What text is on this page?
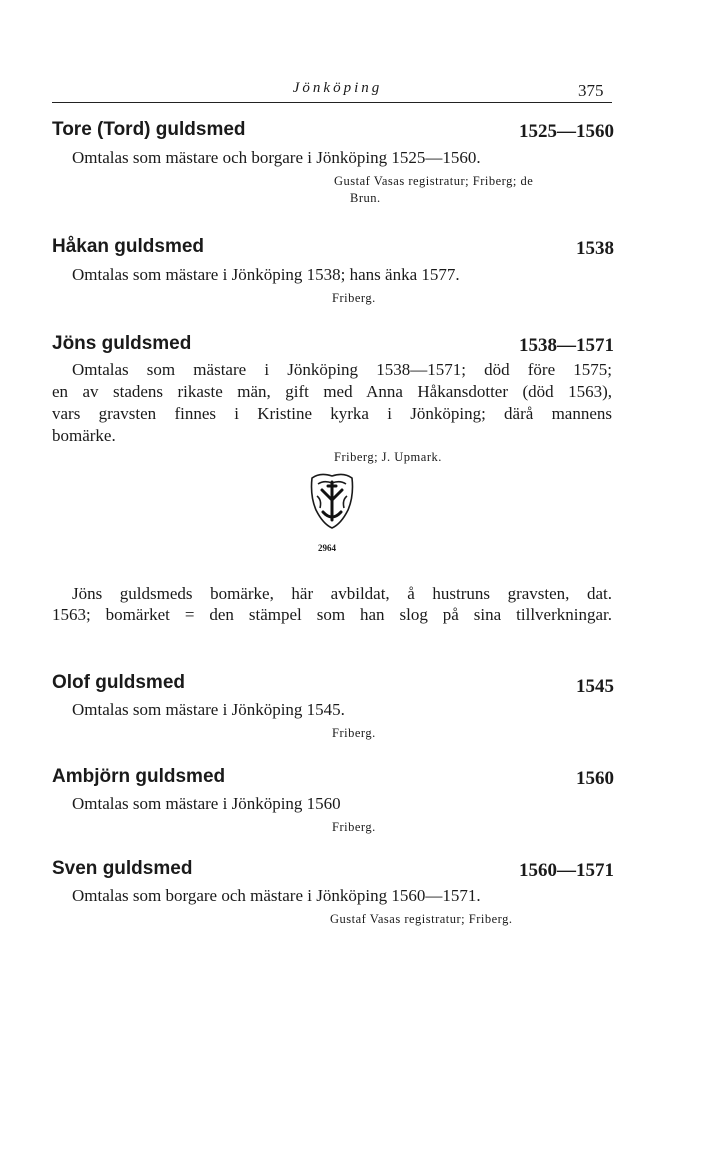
Jönköping	375
Tore (Tord) guldsmed	1525—1560
Omtalas som mästare och borgare i Jönköping 1525—1560.
Gustaf Vasas registratur; Friberg; de
Brun.
Håkan guldsmed	1538
Omtalas som mästare i Jönköping 1538; hans änka 1577.
Friberg.
Jöns guldsmed	1538—1571
Omtalas som mästare i Jönköping 1538—1571; död före 1575;
en av stadens rikaste män, gift med Anna Håkansdotter (död 1563),
vars gravsten finnes i Kristine kyrka i Jönköping; därå mannens
bomärke.
Friberg; J. Upmark.
2964
Jöns guldsmeds bomärke, här avbildat, å hustruns gravsten, dat.
1563; bomärket = den stämpel som han slog på sina tillverkningar.
Olof guldsmed	1545
Omtalas som mästare i Jönköping 1545.
Friberg.
Ambjörn guldsmed	1560
Omtalas som mästare i Jönköping 1560
Friberg.
Sven guldsmed	1560—1571
Omtalas som borgare och mästare i Jönköping 1560—1571.
Gustaf Vasas registratur; Friberg.
